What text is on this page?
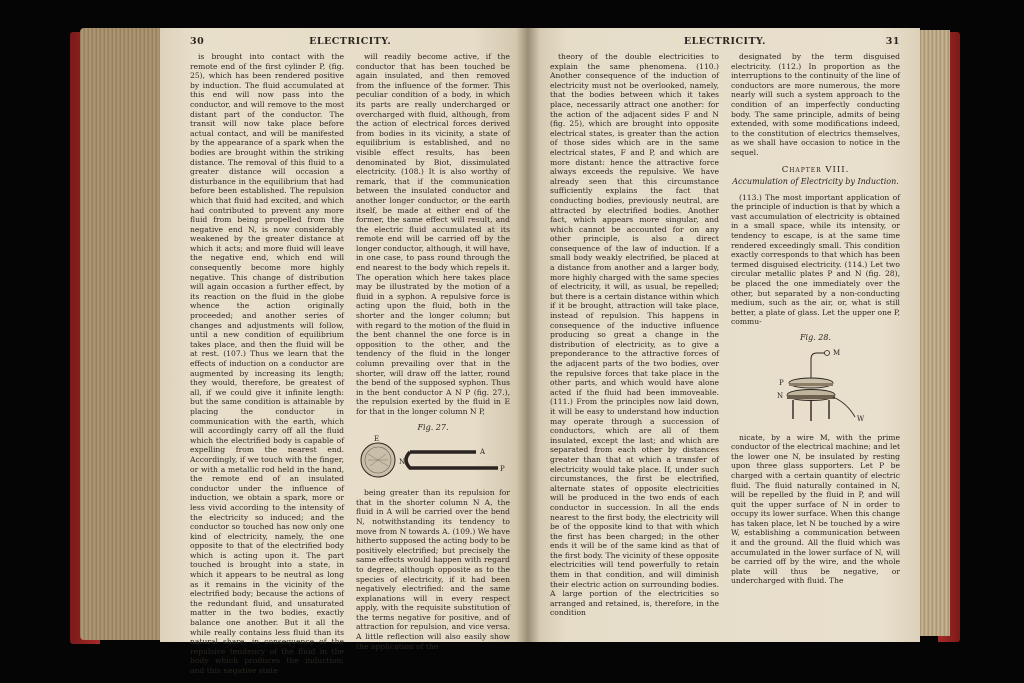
30	ELECTRICITY.

is brought into contact with the remote end of the first cylinder P, (fig. 25), which has been rendered positive by induction. The fluid accumulated at this end will now pass into the conductor, and will remove to the most distant part of the conductor. The transit will now take place before actual contact, and will be manifested by the appearance of a spark when the bodies are brought within the striking distance. The removal of this fluid to a greater distance will occasion a disturbance in the equilibrium that had before been established. The repulsion which that fluid had excited, and which had contributed to prevent any more fluid from being propelled from the negative end N, is now considerably weakened by the greater distance at which it acts; and more fluid will leave the negative end, which end will consequently become more highly negative. This change of distribution will again occasion a further effect, by its reaction on the fluid in the globe whence the action originally proceeded; and another series of changes and adjustments will follow, until a new condition of equilibrium takes place, and then the fluid will be at rest. (107.) Thus we learn that the effects of induction on a conductor are augmented by increasing its length; they would, therefore, be greatest of all, if we could give it infinite length: but the same condition is attainable by placing the conductor in communication with the earth, which will accordingly carry off all the fluid which the electrified body is capable of expelling from the nearest end. Accordingly, if we touch with the finger, or with a metallic rod held in the hand, the remote end of an insulated conductor under the influence of induction, we obtain a spark, more or less vivid according to the intensity of the electricity so induced; and the conductor so touched has now only one kind of electricity, namely, the one opposite to that of the electrified body which is acting upon it. The part touched is brought into a state, in which it appears to be neutral as long as it remains in the vicinity of the electrified body; because the actions of the redundant fluid, and unsaturated matter in the two bodies, exactly balance one another. But it all the while really contains less fluid than its natural share, in consequence of the repulsive tendency of the fluid in the body which produces the induction; and this negative state

will readily become active, if the conductor that has been touched be again insulated, and then removed from the influence of the former. This peculiar condition of a body, in which its parts are really undercharged or overcharged with fluid, although, from the action of electrical forces derived from bodies in its vicinity, a state of equilibrium is established, and no visible effect results, has been denominated by Biot, dissimulated electricity. (108.) It is also worthy of remark, that if the communication between the insulated conductor and another longer conductor, or the earth itself, be made at either end of the former, the same effect will result, and the electric fluid accumulated at its remote end will be carried off by the longer conductor, although, it will have, in one case, to pass round through the end nearest to the body which repels it. The operation which here takes place may be illustrated by the motion of a fluid in a syphon. A repulsive force is acting upon the fluid, both in the shorter and the longer column; but with regard to the motion of the fluid in the bent channel the one force is in opposition to the other, and the tendency of the fluid in the longer column prevailing over that in the shorter, will draw off the latter, round the bend of the supposed syphon. Thus in the bent conductor A N P (fig. 27.), the repulsion exerted by the fluid in E for that in the longer column N P,

Fig. 27.
E
N
A
P

being greater than its repulsion for that in the shorter column N A, the fluid in A will be carried over the bend N, notwithstanding its tendency to move from N towards A. (109.) We have hitherto supposed the acting body to be positively electrified; but precisely the same effects would happen with regard to degree, although opposite as to the species of electricity, if it had been negatively electrified: and the same explanations will in every respect apply, with the requisite substitution of the terms negative for positive, and of attraction for repulsion, and vice versa. A little reflection will also easily show the application of the

ELECTRICITY.	31

theory of the double electricities to explain the same phenomena. (110.) Another consequence of the induction of electricity must not be overlooked, namely, that the bodies between which it takes place, necessarily attract one another: for the action of the adjacent sides F and N (fig. 25), which are brought into opposite electrical states, is greater than the action of those sides which are in the same electrical states, F and P, and which are more distant: hence the attractive force always exceeds the repulsive. We have already seen that this circumstance sufficiently explains the fact that conducting bodies, previously neutral, are attracted by electrified bodies. Another fact, which appears more singular, and which cannot be accounted for on any other principle, is also a direct consequence of the law of induction. If a small body weakly electrified, be placed at a distance from another and a larger body, more highly charged with the same species of electricity, it will, as usual, be repelled; but there is a certain distance within which if it be brought, attraction will take place, instead of repulsion. This happens in consequence of the inductive influence producing so great a change in the distribution of electricity, as to give a preponderance to the attractive forces of the adjacent parts of the two bodies, over the repulsive forces that take place in the other parts, and which would have alone acted if the fluid had been immoveable. (111.) From the principles now laid down, it will be easy to understand how induction may operate through a succession of conductors, which are all of them insulated, except the last; and which are separated from each other by distances greater than that at which a transfer of electricity would take place. If, under such circumstances, the first be electrified, alternate states of opposite electricities will be produced in the two ends of each conductor in succession. In all the ends nearest to the first body, the electricity will be of the opposite kind to that with which the first has been charged; in the other ends it will be of the same kind as that of the first body. The vicinity of these opposite electricities will tend powerfully to retain them in that condition, and will diminish their electric action on surrounding bodies. A large portion of the electricities so arranged and retained, is, therefore, in the condition

designated by the term disguised electricity. (112.) In proportion as the interruptions to the continuity of the line of conductors are more numerous, the more nearly will such a system approach to the condition of an imperfectly conducting body. The same principle, admits of being extended, with some modifications indeed, to the constitution of electrics themselves, as we shall have occasion to notice in the sequel.

Chapter VIII.
Accumulation of Electricity by Induction.

(113.) The most important application of the principle of induction is that by which a vast accumulation of electricity is obtained in a small space, while its intensity, or tendency to escape, is at the same time rendered exceedingly small. This condition exactly corresponds to that which has been termed disguised electricity. (114.) Let two circular metallic plates P and N (fig. 28), be placed the one immediately over the other, but separated by a non-conducting medium, such as the air, or, what is still better, a plate of glass. Let the upper one P, commu-

Fig. 28.
M
P
N
W

nicate, by a wire M, with the prime conductor of the electrical machine; and let the lower one N, be insulated by resting upon three glass supporters. Let P be charged with a certain quantity of electric fluid. The fluid naturally contained in N, will be repelled by the fluid in P, and will quit the upper surface of N in order to occupy its lower surface. When this change has taken place, let N be touched by a wire W, establishing a communication between it and the ground. All the fluid which was accumulated in the lower surface of N, will be carried off by the wire, and the whole plate will thus be negative, or undercharged with fluid. The
